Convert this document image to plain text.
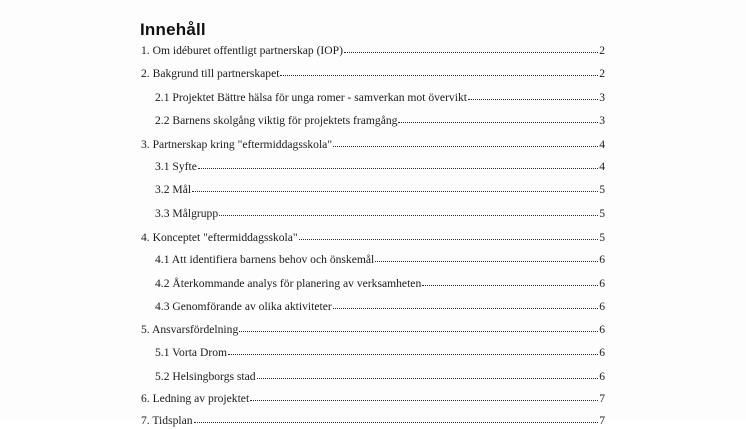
Innehåll
1. Om idéburet offentligt partnerskap (IOP)	2
2. Bakgrund till partnerskapet	2
2.1 Projektet Bättre hälsa för unga romer - samverkan mot övervikt	3
2.2 Barnens skolgång viktig för projektets framgång	3
3. Partnerskap kring "eftermiddagsskola"	4
3.1 Syfte	4
3.2 Mål	5
3.3 Målgrupp	5
4. Konceptet "eftermiddagsskola"	5
4.1 Att identifiera barnens behov och önskemål	6
4.2 Återkommande analys för planering av verksamheten	6
4.3 Genomförande av olika aktiviteter	6
5. Ansvarsfördelning	6
5.1 Vorta Drom	6
5.2 Helsingborgs stad	6
6. Ledning av projektet	7
7. Tidsplan	7
